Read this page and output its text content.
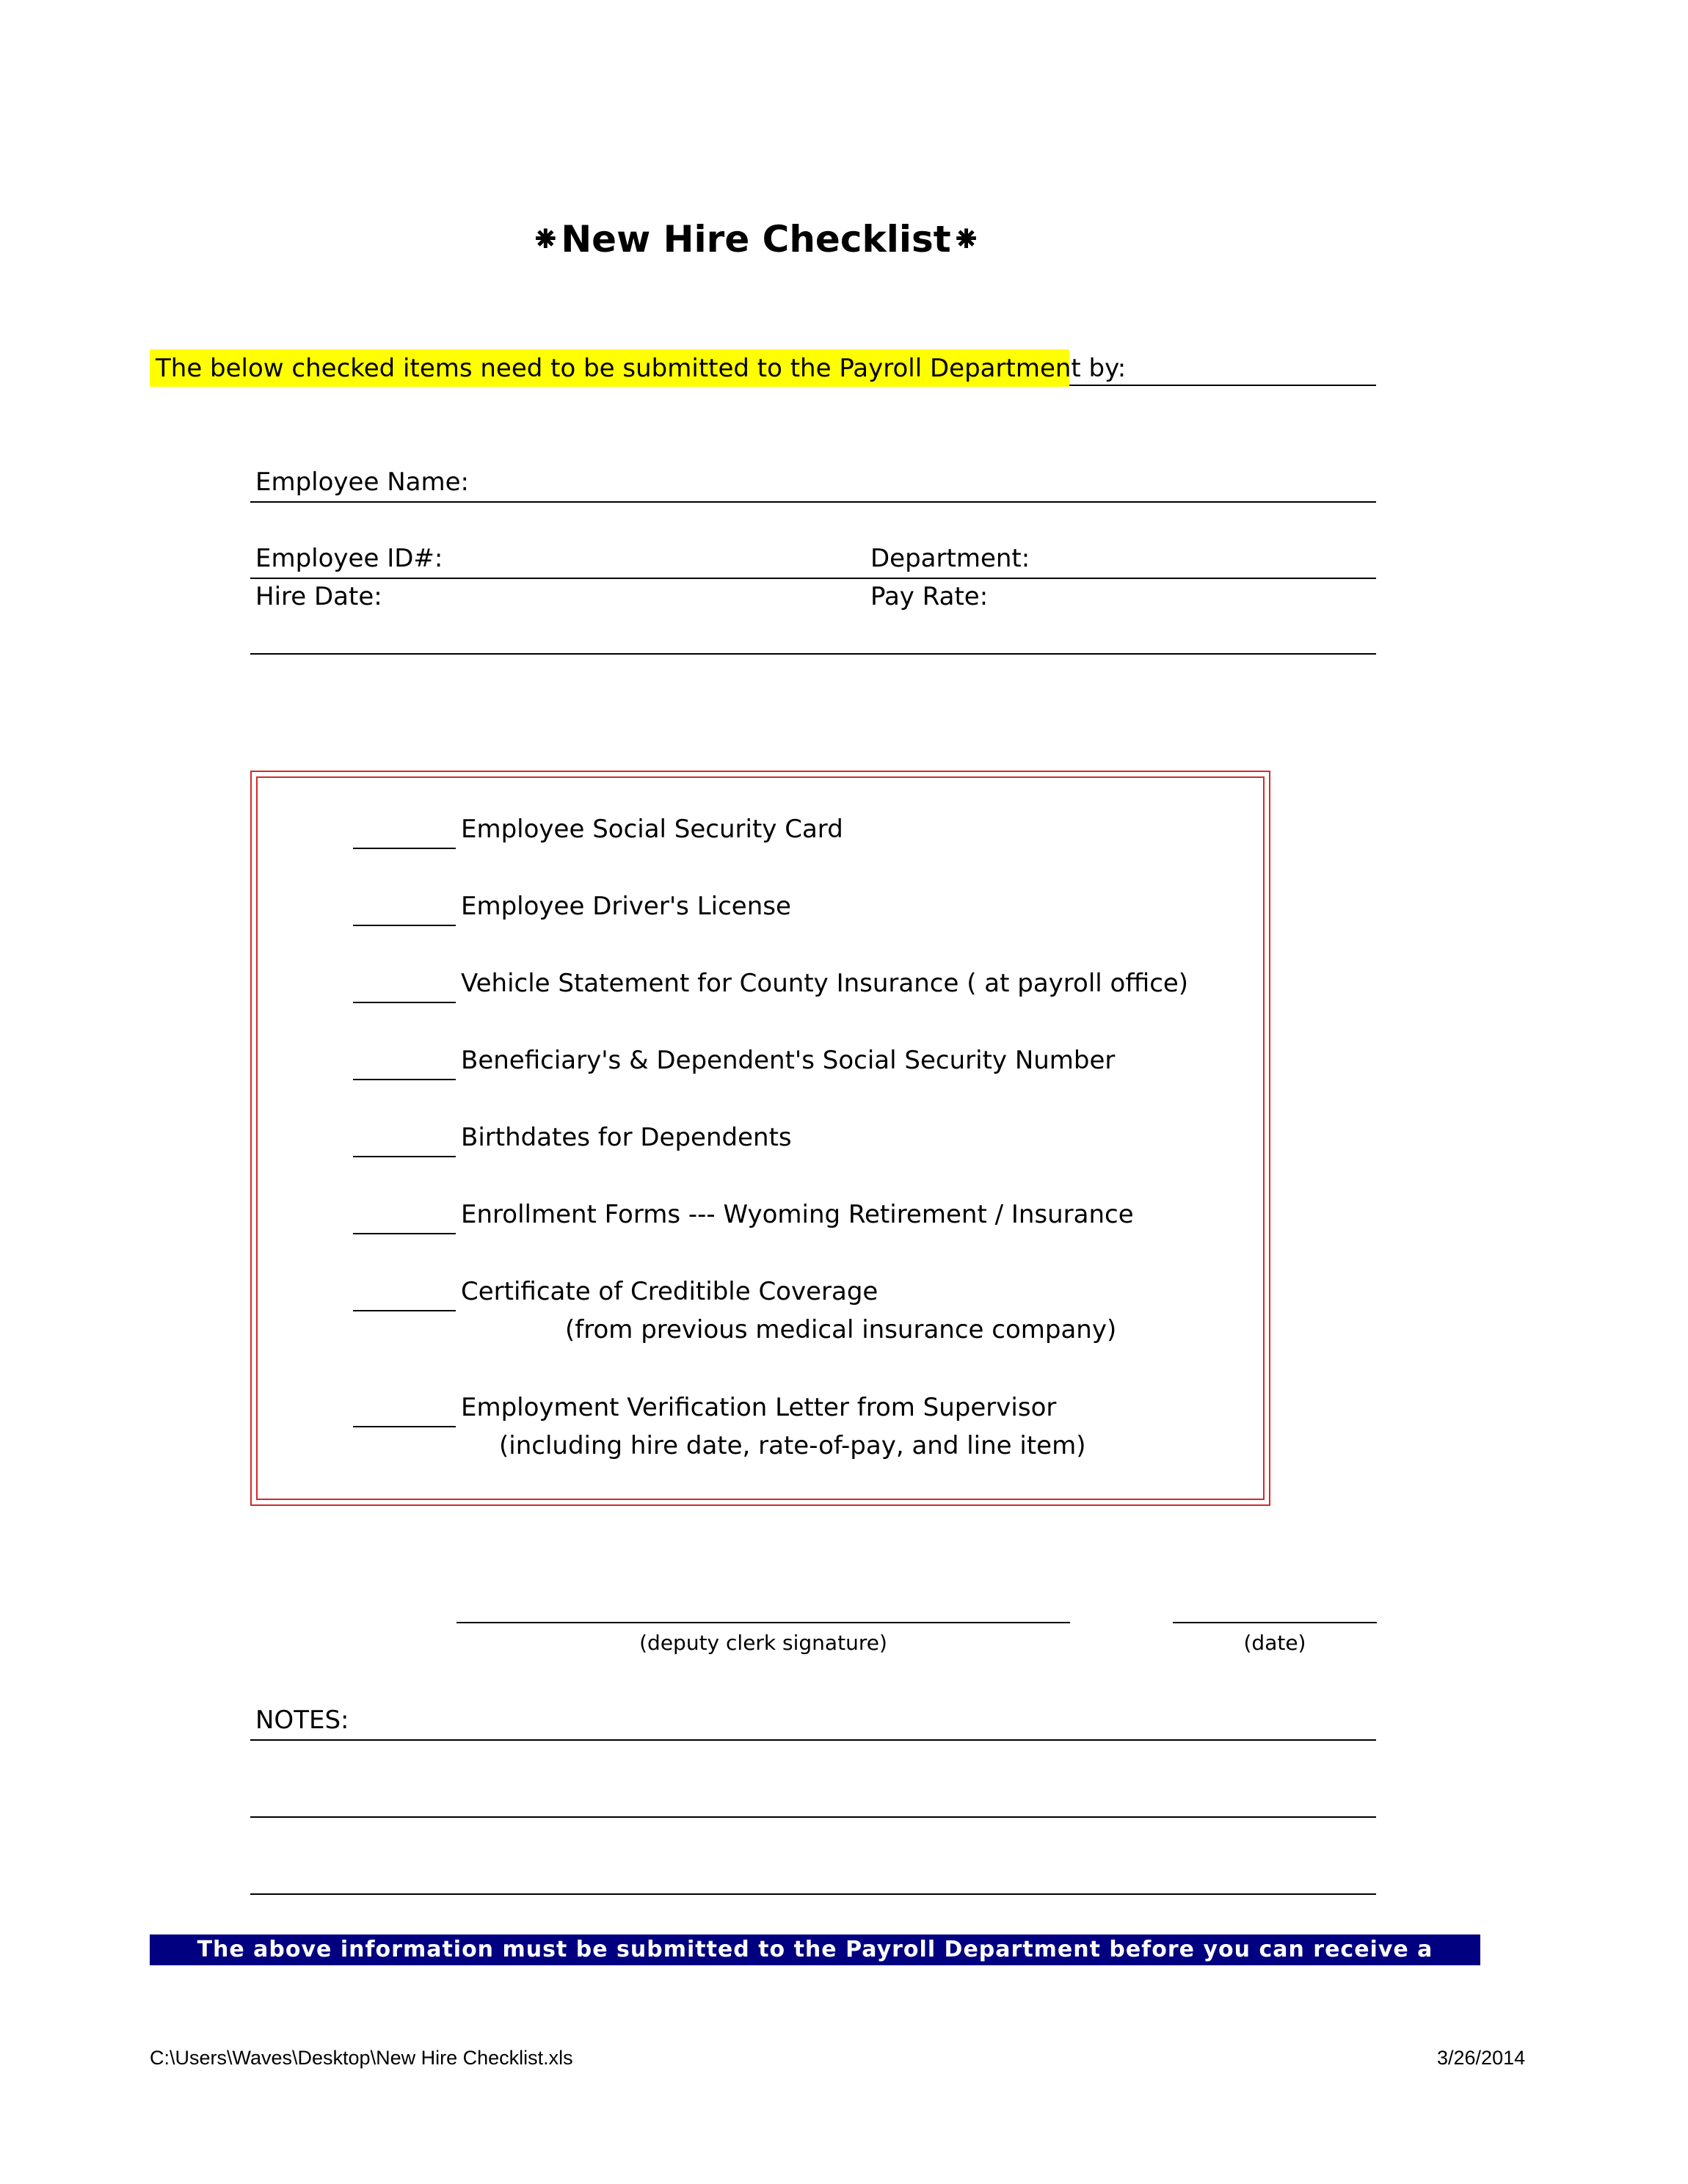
⁕New Hire Checklist⁕
The below checked items need to be submitted to the Payroll Department by:
Employee Name:
Employee ID#:	Department:
Hire Date:	Pay Rate:
Employee Social Security Card
Employee Driver's License
Vehicle Statement for County Insurance ( at payroll office)
Beneficiary's & Dependent's Social Security Number
Birthdates for Dependents
Enrollment Forms --- Wyoming Retirement / Insurance
Certificate of Creditible Coverage
(from previous medical insurance company)
Employment Verification Letter from Supervisor
(including hire date, rate-of-pay, and line item)
(deputy clerk signature)	(date)
NOTES:
The above information must be submitted to the Payroll Department before you can receive a payroll check.
C:\Users\Waves\Desktop\New Hire Checklist.xls	3/26/2014
